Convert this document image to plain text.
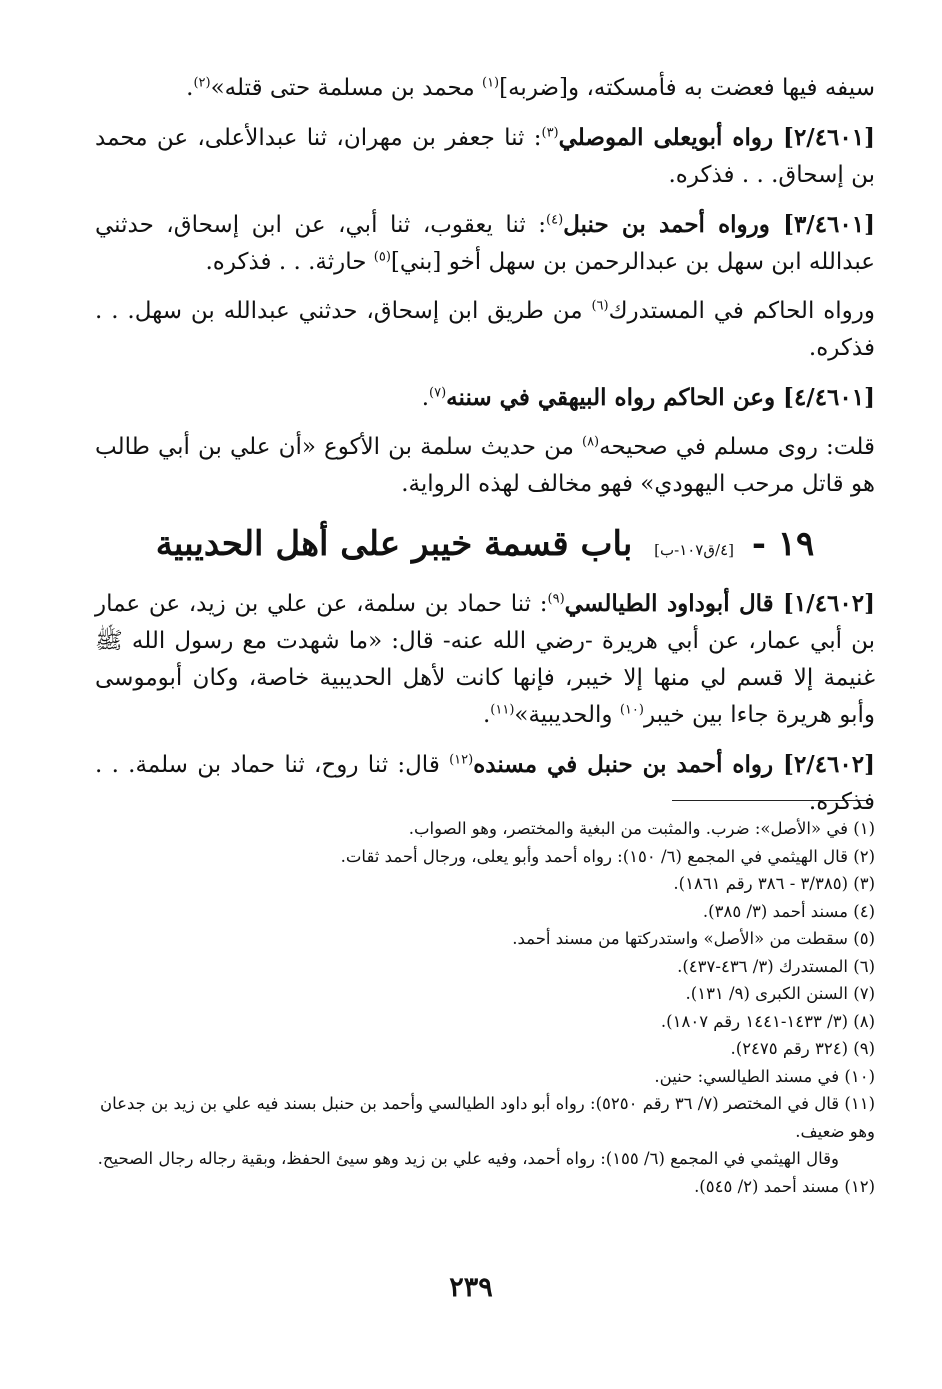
سيفه فيها فعضت به فأمسكته، و[ضربه]$^{(١)}$ محمد بن مسلمة حتى قتله»$^{(٢)}$.

[٢/٤٦٠١] رواه أبويعلى الموصلي$^{(٣)}$: ثنا جعفر بن مهران، ثنا عبدالأعلى، عن محمد بن إسحاق. . . فذكره.

[٣/٤٦٠١] ورواه أحمد بن حنبل$^{(٤)}$: ثنا يعقوب، ثنا أبي، عن ابن إسحاق، حدثني عبدالله ابن سهل بن عبدالرحمن بن سهل أخو [بني]$^{(٥)}$ حارثة. . . فذكره.

ورواه الحاكم في المستدرك$^{(٦)}$ من طريق ابن إسحاق، حدثني عبدالله بن سهل. . . فذكره.

[٤/٤٦٠١] وعن الحاكم رواه البيهقي في سننه$^{(٧)}$.

قلت: روى مسلم في صحيحه$^{(٨)}$ من حديث سلمة بن الأكوع «أن علي بن أبي طالب هو قاتل مرحب اليهودي» فهو مخالف لهذه الرواية.

١٩ - [٤/ق١٠٧-ب] باب قسمة خيبر على أهل الحديبية

[١/٤٦٠٢] قال أبوداود الطيالسي$^{(٩)}$: ثنا حماد بن سلمة، عن علي بن زيد، عن عمار بن أبي عمار، عن أبي هريرة -رضي الله عنه- قال: «ما شهدت مع رسول الله ﷺ غنيمة إلا قسم لي منها إلا خيبر، فإنها كانت لأهل الحديبية خاصة، وكان أبوموسى وأبو هريرة جاءا بين خيبر$^{(١٠)}$ والحديبية»$^{(١١)}$.

[٢/٤٦٠٢] رواه أحمد بن حنبل في مسنده$^{(١٢)}$ قال: ثنا روح، ثنا حماد بن سلمة. . . فذكره.

(١) في «الأصل»: ضرب. والمثبت من البغية والمختصر، وهو الصواب.

(٢) قال الهيثمي في المجمع (٦/ ١٥٠): رواه أحمد وأبو يعلى، ورجال أحمد ثقات.

(٣) (٣/٣٨٥ - ٣٨٦ رقم ١٨٦١).

(٤) مسند أحمد (٣/ ٣٨٥).

(٥) سقطت من «الأصل» واستدركتها من مسند أحمد.

(٦) المستدرك (٣/ ٤٣٦-٤٣٧).

(٧) السنن الكبرى (٩/ ١٣١).

(٨) (٣/ ١٤٣٣-١٤٤١ رقم ١٨٠٧).

(٩) (٣٢٤ رقم ٢٤٧٥).

(١٠) في مسند الطيالسي: حنين.

(١١) قال في المختصر (٧/ ٣٦ رقم ٥٢٥٠): رواه أبو داود الطيالسي وأحمد بن حنبل بسند فيه علي بن زيد بن جدعان وهو ضعيف.

وقال الهيثمي في المجمع (٦/ ١٥٥): رواه أحمد، وفيه علي بن زيد وهو سيئ الحفظ، وبقية رجاله رجال الصحيح.

(١٢) مسند أحمد (٢/ ٥٤٥).

٢٣٩
